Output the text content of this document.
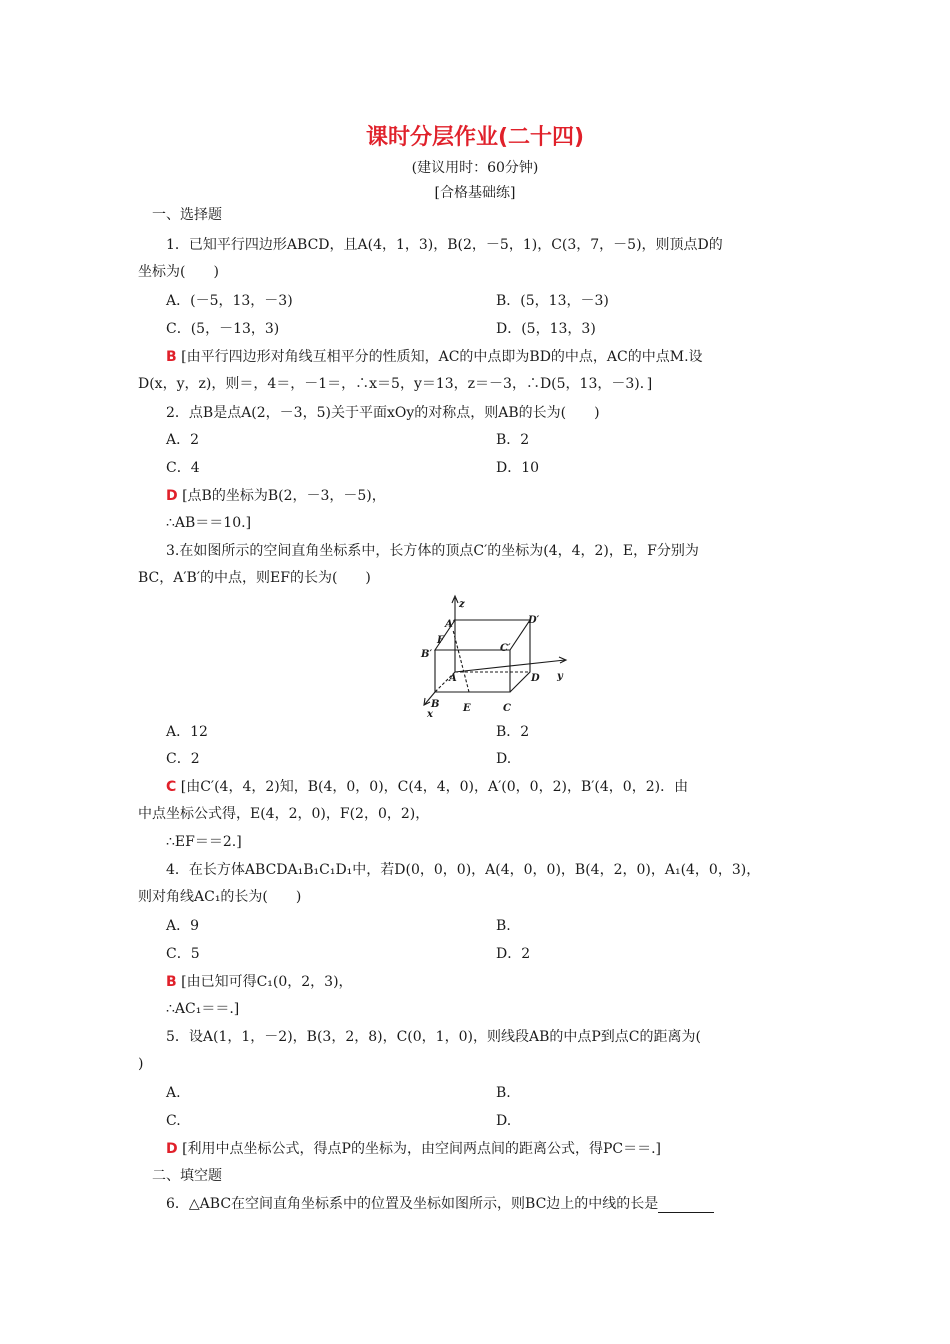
课时分层作业(二十四)
(建议用时：60分钟)
[合格基础练]
一、选择题
1．已知平行四边形ABCD，且A(4，1，3)，B(2，－5，1)，C(3，7，－5)，则顶点D的
坐标为(　　)
A．(－5，13，－3)	B．(5，13，－3)
C．(5，－13，3)	D．(5，13，3)
B [由平行四边形对角线互相平分的性质知，AC的中点即为BD的中点，AC的中点M.设
D(x，y，z)，则＝，4＝，－1＝，∴x＝5，y＝13，z＝－3，∴D(5，13，－3)．]
2．点B是点A(2，－3，5)关于平面xOy的对称点，则AB的长为(　　)
A．2	B．2
C．4	D．10
D [点B的坐标为B(2，－3，－5)，
∴AB＝＝10.]
3.在如图所示的空间直角坐标系中，长方体的顶点C′的坐标为(4，4，2)，E，F分别为
BC，A′B′的中点，则EF的长为(　　)
z
y
x
A′	D′
F
C′
B′
A	D
B E	C
A．12	B．2
C．2	D.
C [由C′(4，4，2)知，B(4，0，0)，C(4，4，0)，A′(0，0，2)，B′(4，0，2)．由
中点坐标公式得，E(4，2，0)，F(2，0，2)，
∴EF＝＝2.]
4．在长方体ABCDA₁B₁C₁D₁中，若D(0，0，0)，A(4，0，0)，B(4，2，0)，A₁(4，0，3)，
则对角线AC₁的长为(　　)
A．9	B.
C．5	D．2
B [由已知可得C₁(0，2，3)，
∴AC₁＝＝.]
5．设A(1，1，－2)，B(3，2，8)，C(0，1，0)，则线段AB的中点P到点C的距离为(
)
A.	B.
C.	D.
D [利用中点坐标公式，得点P的坐标为，由空间两点间的距离公式，得PC＝＝.]
二、填空题
6．△ABC在空间直角坐标系中的位置及坐标如图所示，则BC边上的中线的长是
